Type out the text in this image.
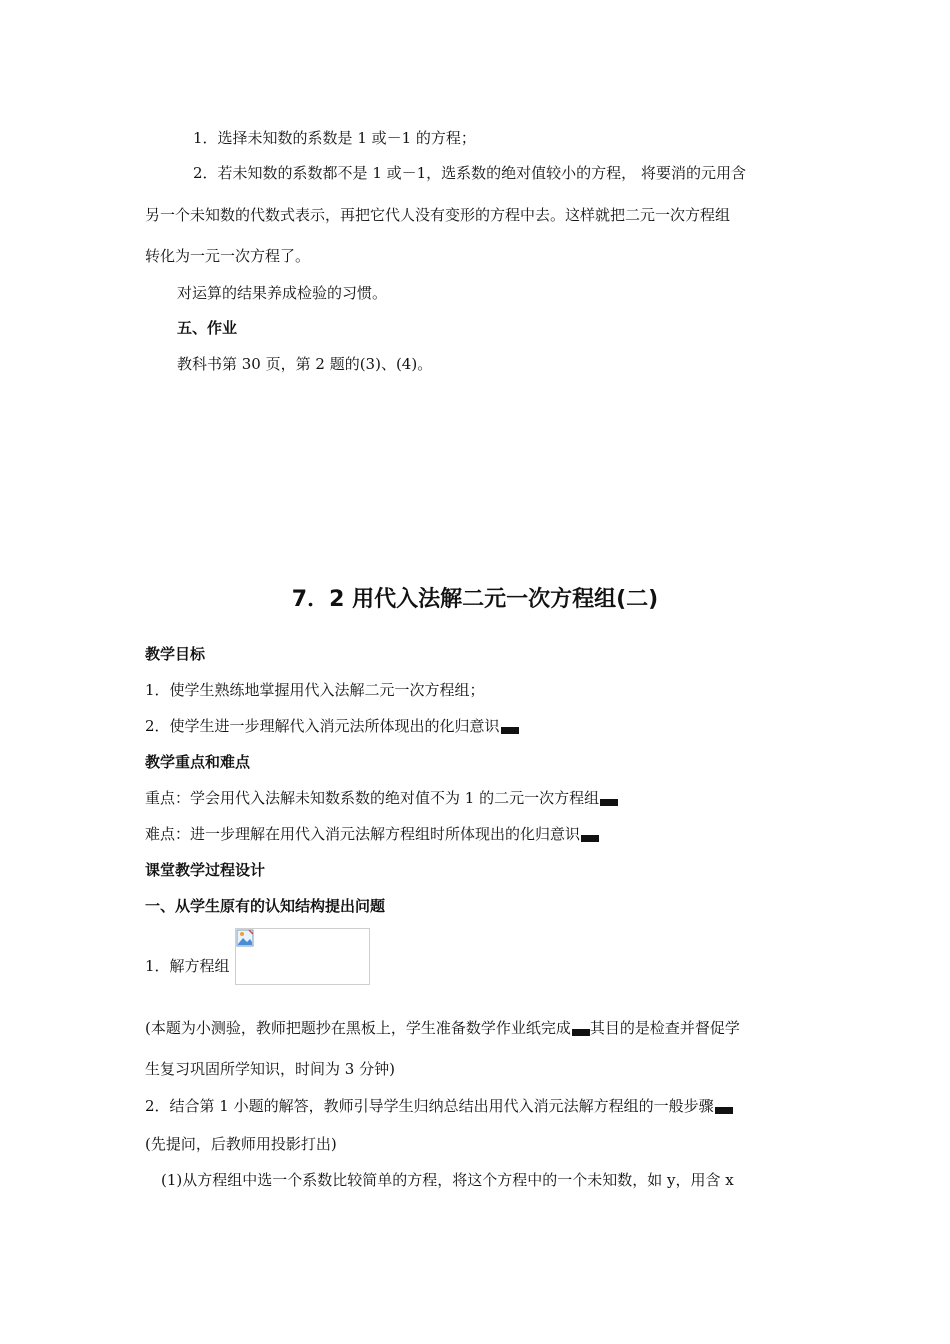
1．选择未知数的系数是 1 或－1 的方程；
2．若未知数的系数都不是 1 或－1，选系数的绝对值较小的方程， 将要消的元用含
另一个未知数的代数式表示，再把它代人没有变形的方程中去。这样就把二元一次方程组
转化为一元一次方程了。
对运算的结果养成检验的习惯。
五、作业
教科书第 30 页，第 2 题的(3)、(4)。
7．2 用代入法解二元一次方程组(二)
教学目标
1．使学生熟练地掌握用代入法解二元一次方程组；
2．使学生进一步理解代入消元法所体现出的化归意识
教学重点和难点
重点：学会用代入法解未知数系数的绝对值不为 1 的二元一次方程组
难点：进一步理解在用代入消元法解方程组时所体现出的化归意识
课堂教学过程设计
一、从学生原有的认知结构提出问题
1．解方程组
(本题为小测验，教师把题抄在黑板上，学生准备数学作业纸完成 其目的是检查并督促学
生复习巩固所学知识，时间为 3 分钟)
2．结合第 1 小题的解答，教师引导学生归纳总结出用代入消元法解方程组的一般步骤
(先提问，后教师用投影打出)
(1)从方程组中选一个系数比较简单的方程，将这个方程中的一个未知数，如 y，用含 x
